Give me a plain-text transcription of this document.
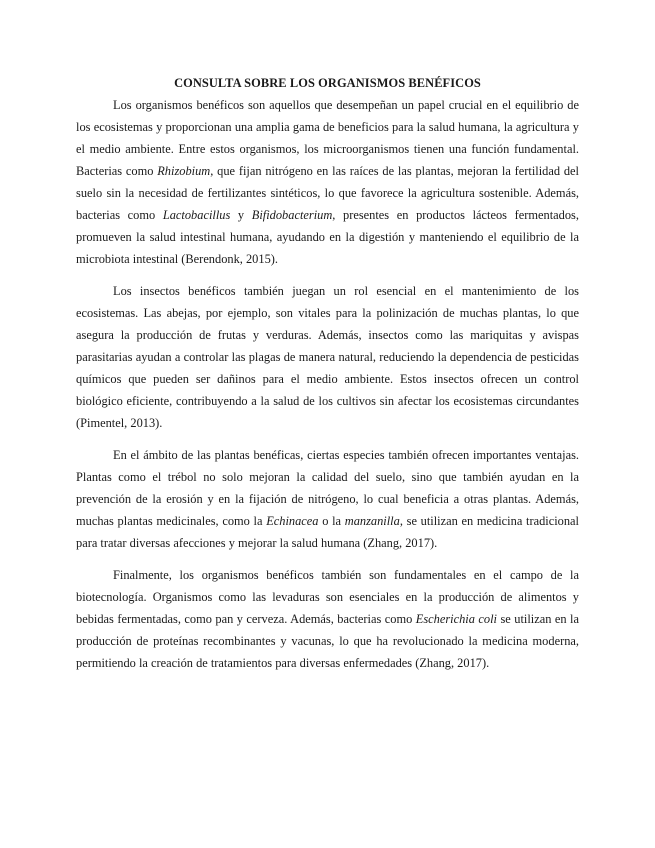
CONSULTA SOBRE LOS ORGANISMOS BENÉFICOS

Los organismos benéficos son aquellos que desempeñan un papel crucial en el equilibrio de los ecosistemas y proporcionan una amplia gama de beneficios para la salud humana, la agricultura y el medio ambiente. Entre estos organismos, los microorganismos tienen una función fundamental. Bacterias como Rhizobium, que fijan nitrógeno en las raíces de las plantas, mejoran la fertilidad del suelo sin la necesidad de fertilizantes sintéticos, lo que favorece la agricultura sostenible. Además, bacterias como Lactobacillus y Bifidobacterium, presentes en productos lácteos fermentados, promueven la salud intestinal humana, ayudando en la digestión y manteniendo el equilibrio de la microbiota intestinal (Berendonk, 2015).

Los insectos benéficos también juegan un rol esencial en el mantenimiento de los ecosistemas. Las abejas, por ejemplo, son vitales para la polinización de muchas plantas, lo que asegura la producción de frutas y verduras. Además, insectos como las mariquitas y avispas parasitarias ayudan a controlar las plagas de manera natural, reduciendo la dependencia de pesticidas químicos que pueden ser dañinos para el medio ambiente. Estos insectos ofrecen un control biológico eficiente, contribuyendo a la salud de los cultivos sin afectar los ecosistemas circundantes (Pimentel, 2013).

En el ámbito de las plantas benéficas, ciertas especies también ofrecen importantes ventajas. Plantas como el trébol no solo mejoran la calidad del suelo, sino que también ayudan en la prevención de la erosión y en la fijación de nitrógeno, lo cual beneficia a otras plantas. Además, muchas plantas medicinales, como la Echinacea o la manzanilla, se utilizan en medicina tradicional para tratar diversas afecciones y mejorar la salud humana (Zhang, 2017).

Finalmente, los organismos benéficos también son fundamentales en el campo de la biotecnología. Organismos como las levaduras son esenciales en la producción de alimentos y bebidas fermentadas, como pan y cerveza. Además, bacterias como Escherichia coli se utilizan en la producción de proteínas recombinantes y vacunas, lo que ha revolucionado la medicina moderna, permitiendo la creación de tratamientos para diversas enfermedades (Zhang, 2017).
